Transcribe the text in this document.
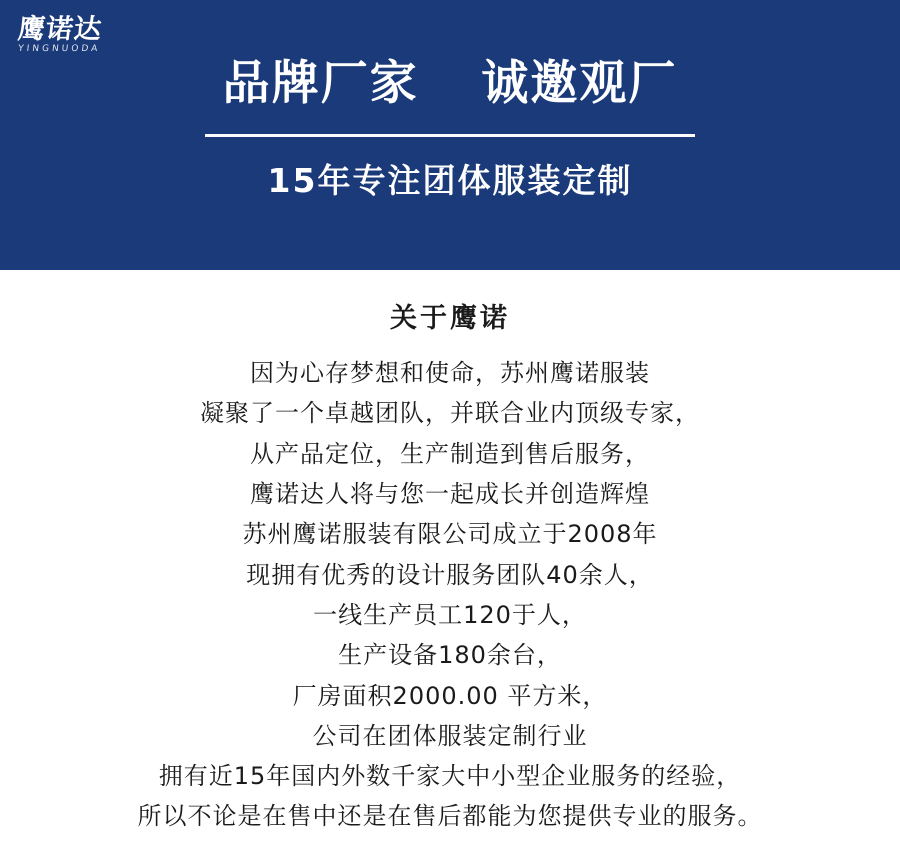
鹰诺达
YINGNUODA
品牌厂家 诚邀观厂
15年专注团体服装定制
关于鹰诺
因为心存梦想和使命，苏州鹰诺服装
凝聚了一个卓越团队，并联合业内顶级专家，
从产品定位，生产制造到售后服务，
鹰诺达人将与您一起成长并创造辉煌
苏州鹰诺服装有限公司成立于2008年
现拥有优秀的设计服务团队40余人，
一线生产员工120于人，
生产设备180余台，
厂房面积2000.00 平方米，
公司在团体服装定制行业
拥有近15年国内外数千家大中小型企业服务的经验，
所以不论是在售中还是在售后都能为您提供专业的服务。
